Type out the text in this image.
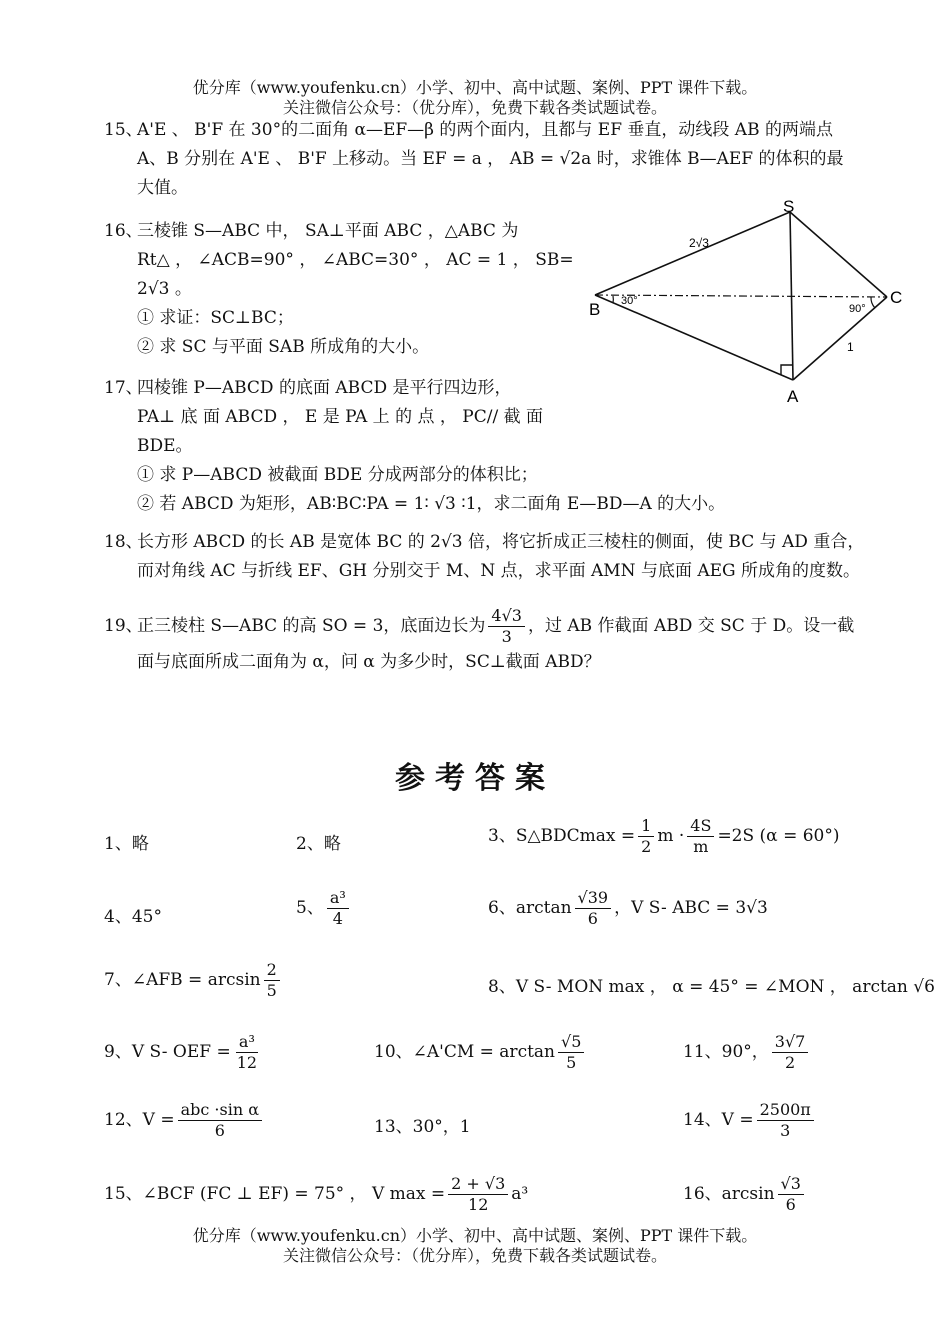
优分库（www.youfenku.cn）小学、初中、高中试题、案例、PPT 课件下载。
关注微信公众号：（优分库），免费下载各类试题试卷。
15、A'E 、 B'F 在 30°的二面角 α—EF—β 的两个面内，且都与 EF 垂直，动线段 AB 的两端点
A、B 分别在 A'E 、 B'F 上移动。当 EF = a ， AB = √2a 时，求锥体 B—AEF 的体积的最
大值。
16、三棱锥 S—ABC 中， SA⊥平面 ABC ，△ABC 为
Rt△ ， ∠ACB=90° ， ∠ABC=30° ， AC = 1 ， SB=
2√3 。
① 求证：SC⊥BC；
② 求 SC 与平面 SAB 所成角的大小。
S
B
C
A
2√3
30°
90°
1
17、四棱锥 P—ABCD 的底面 ABCD 是平行四边形，
PA⊥ 底 面 ABCD ， E 是 PA 上 的 点 ， PC// 截 面
BDE。
① 求 P—ABCD 被截面 BDE 分成两部分的体积比；
② 若 ABCD 为矩形，AB∶BC∶PA = 1∶ √3 ∶1，求二面角 E—BD—A 的大小。
18、长方形 ABCD 的长 AB 是宽体 BC 的 2√3 倍，将它折成正三棱柱的侧面，使 BC 与 AD 重合，
而对角线 AC 与折线 EF、GH 分别交于 M、N 点，求平面 AMN 与底面 AEG 所成角的度数。
19、正三棱柱 S—ABC 的高 SO = 3，底面边长为 $\frac{4√3}{3}$ ，过 AB 作截面 ABD 交 SC 于 D。设一截
面与底面所成二面角为 α，问 α 为多少时，SC⊥截面 ABD？
参考答案
1、略	2、略	3、S△BDCmax = $\frac{1}{2}$ $m \cdot \frac{4S}{m} =2S$ (α = 60°)
4、45°	5、 $\frac{\text{a³}}{4}$	6、$\arctan \frac{√39}{6}$ ，V S- ABC = 3√3
7、∠AFB = $\arcsin \frac{2}{5}$	8、V S- MON max ， α = 45° = ∠MON ， arctan √6
9、V S- OEF = $\frac{\text{a³}}{12}$	10、∠A'CM = $\arctan \frac{√5}{5}$	11、90°， $\frac{3√7}{2}$
12、$V = \frac{\text{abc ·sin α}}{6}$	13、30°，1	14、$V = \frac{2500\pi}{3}$
15、∠BCF (FC ⊥ EF) = 75° ， V $\max = \frac{2 + √3}{12} a^3$	16、$\arcsin \frac{√3}{6}$
优分库（www.youfenku.cn）小学、初中、高中试题、案例、PPT 课件下载。
关注微信公众号：（优分库），免费下载各类试题试卷。
